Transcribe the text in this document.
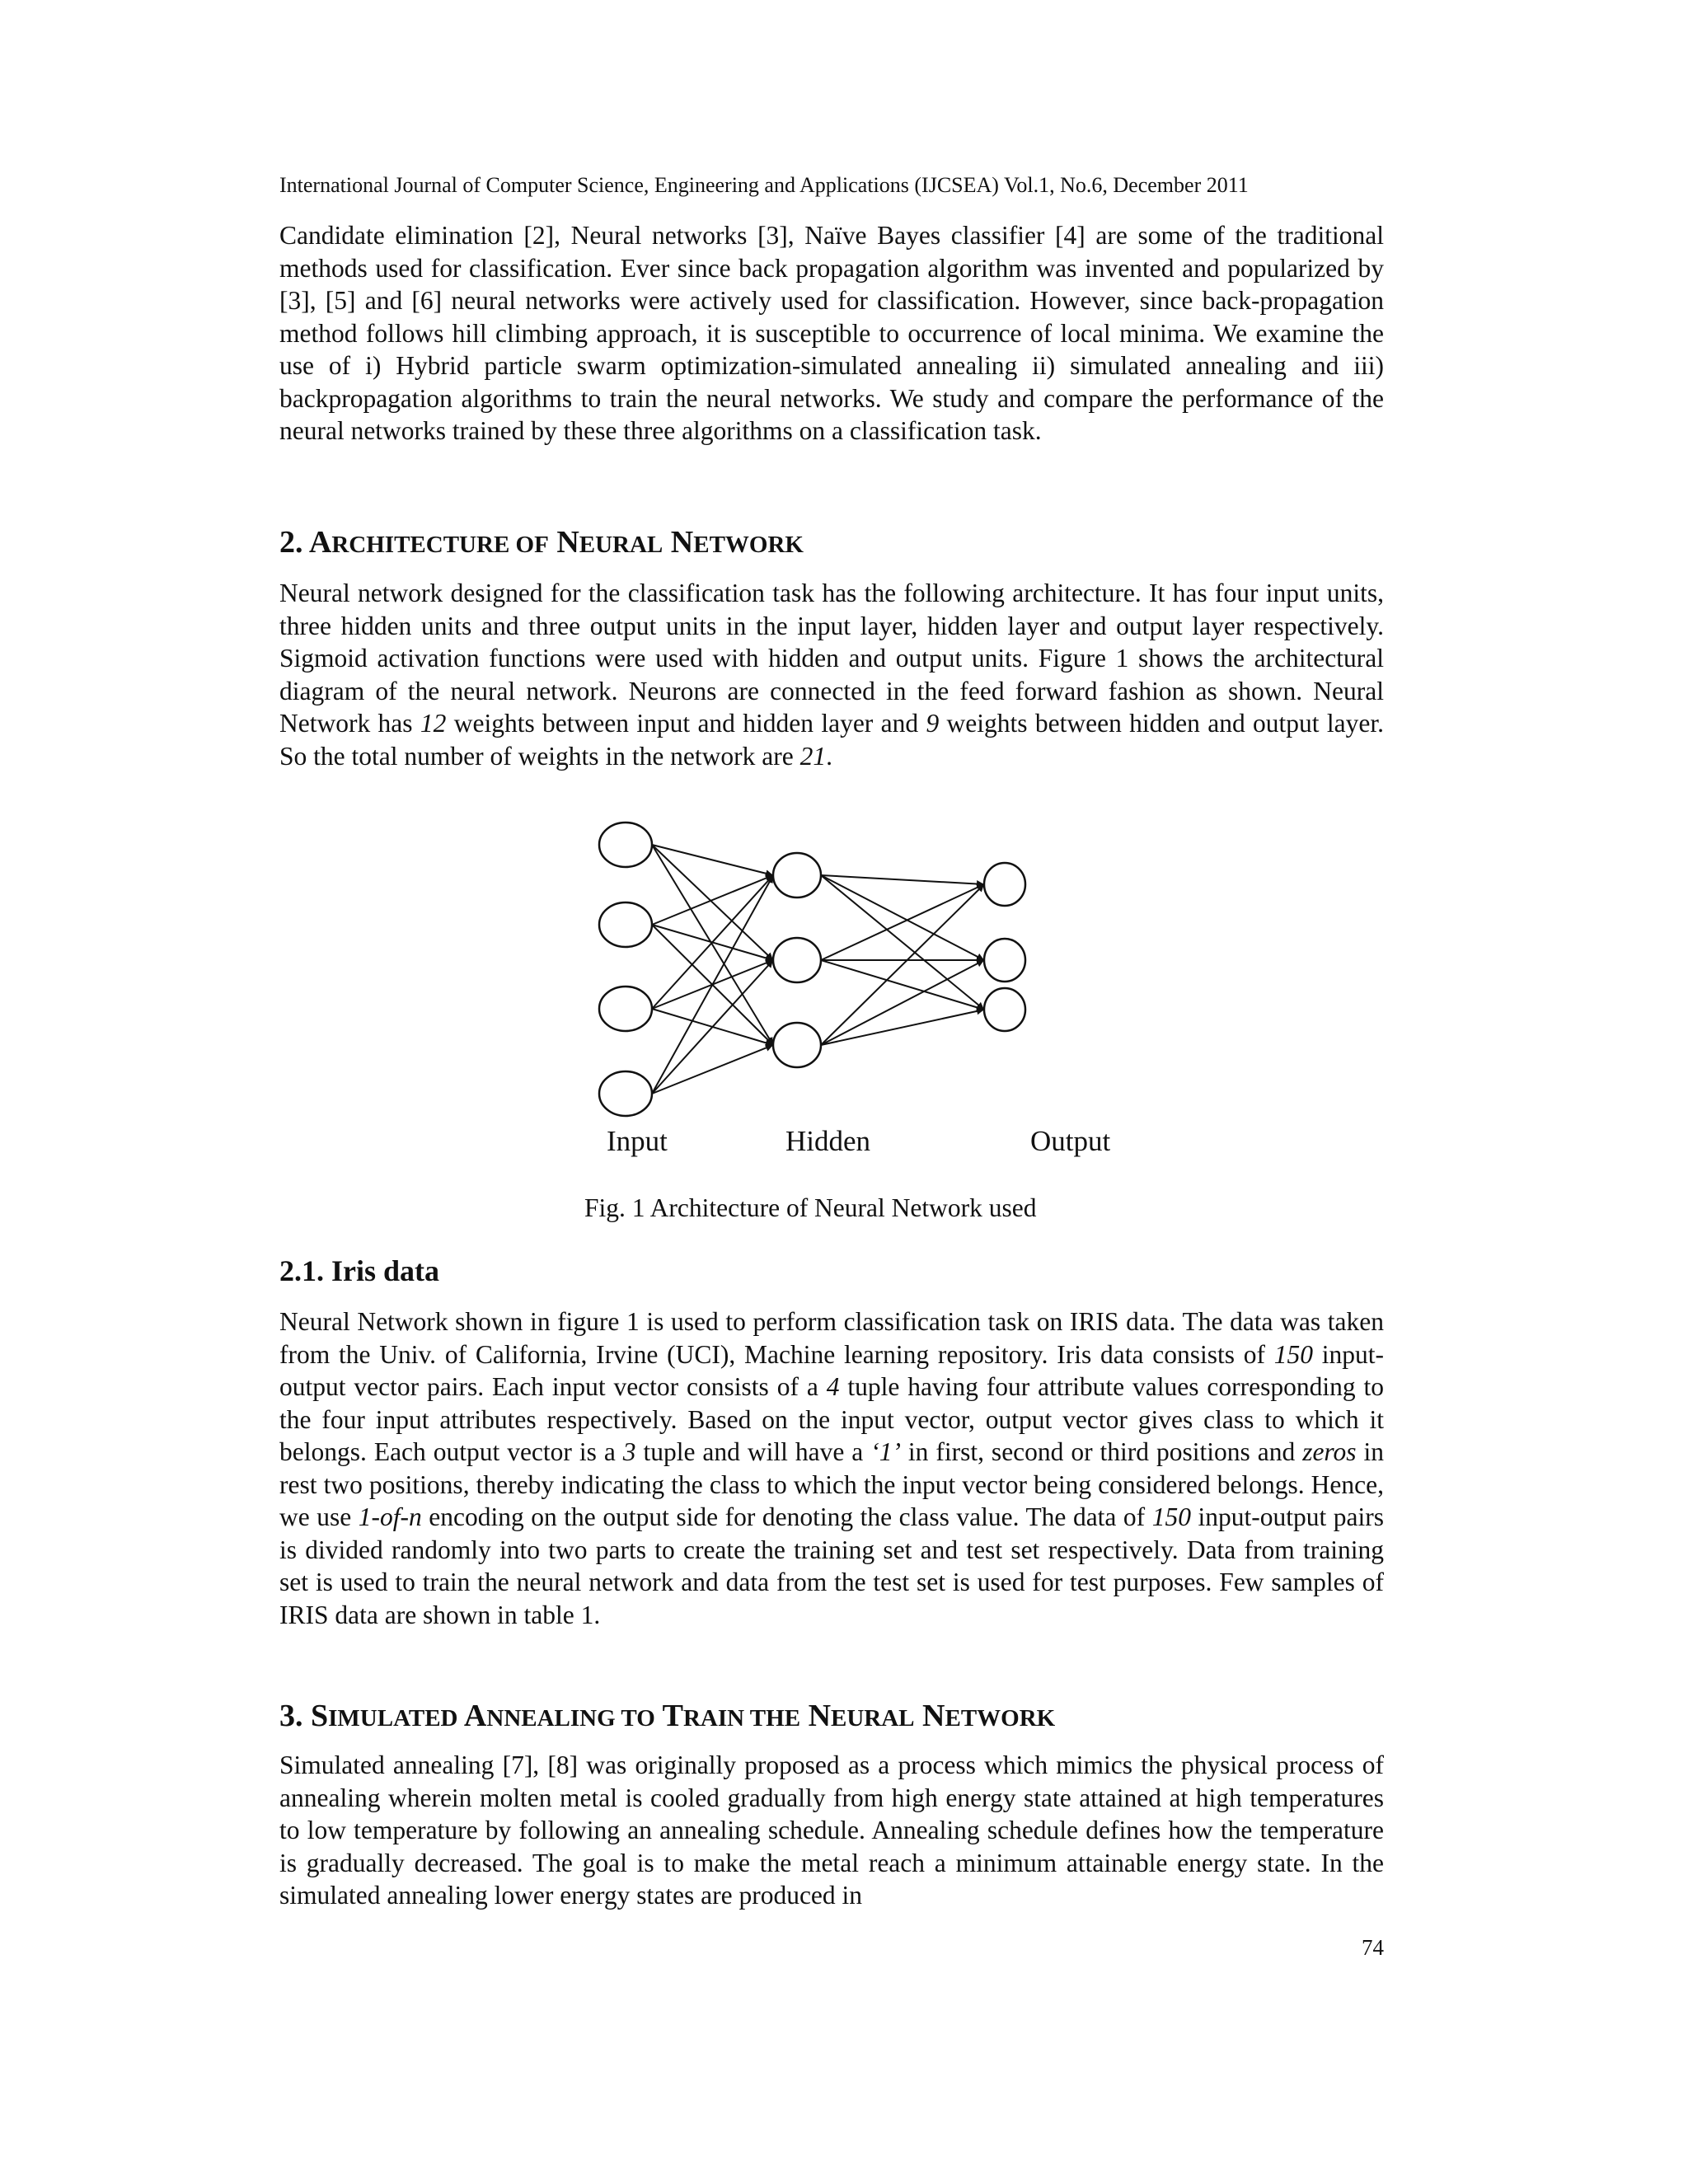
International Journal of Computer Science, Engineering and Applications (IJCSEA) Vol.1, No.6, December 2011

Candidate elimination [2], Neural networks [3], Naïve Bayes classifier [4] are some of the traditional methods used for classification. Ever since back propagation algorithm was invented and popularized by [3], [5] and [6] neural networks were actively used for classification. However, since back-propagation method follows hill climbing approach, it is susceptible to occurrence of local minima. We examine the use of i) Hybrid particle swarm optimization-simulated annealing ii) simulated annealing and iii) backpropagation algorithms to train the neural networks. We study and compare the performance of the neural networks trained by these three algorithms on a classification task.

2. ARCHITECTURE OF NEURAL NETWORK

Neural network designed for the classification task has the following architecture. It has four input units, three hidden units and three output units in the input layer, hidden layer and output layer respectively. Sigmoid activation functions were used with hidden and output units. Figure 1 shows the architectural diagram of the neural network. Neurons are connected in the feed forward fashion as shown. Neural Network has 12 weights between input and hidden layer and 9 weights between hidden and output layer. So the total number of weights in the network are 21.

Input	Hidden	Output
Fig. 1 Architecture of Neural Network used
2.1. Iris data

Neural Network shown in figure 1 is used to perform classification task on IRIS data. The data was taken from the Univ. of California, Irvine (UCI), Machine learning repository. Iris data consists of 150 input-output vector pairs. Each input vector consists of a 4 tuple having four attribute values corresponding to the four input attributes respectively. Based on the input vector, output vector gives class to which it belongs. Each output vector is a 3 tuple and will have a ‘1’ in first, second or third positions and zeros in rest two positions, thereby indicating the class to which the input vector being considered belongs. Hence, we use 1-of-n encoding on the output side for denoting the class value. The data of 150 input-output pairs is divided randomly into two parts to create the training set and test set respectively. Data from training set is used to train the neural network and data from the test set is used for test purposes. Few samples of IRIS data are shown in table 1.

3. SIMULATED ANNEALING TO TRAIN THE NEURAL NETWORK

Simulated annealing [7], [8] was originally proposed as a process which mimics the physical process of annealing wherein molten metal is cooled gradually from high energy state attained at high temperatures to low temperature by following an annealing schedule. Annealing schedule defines how the temperature is gradually decreased. The goal is to make the metal reach a minimum attainable energy state. In the simulated annealing lower energy states are produced in

74
